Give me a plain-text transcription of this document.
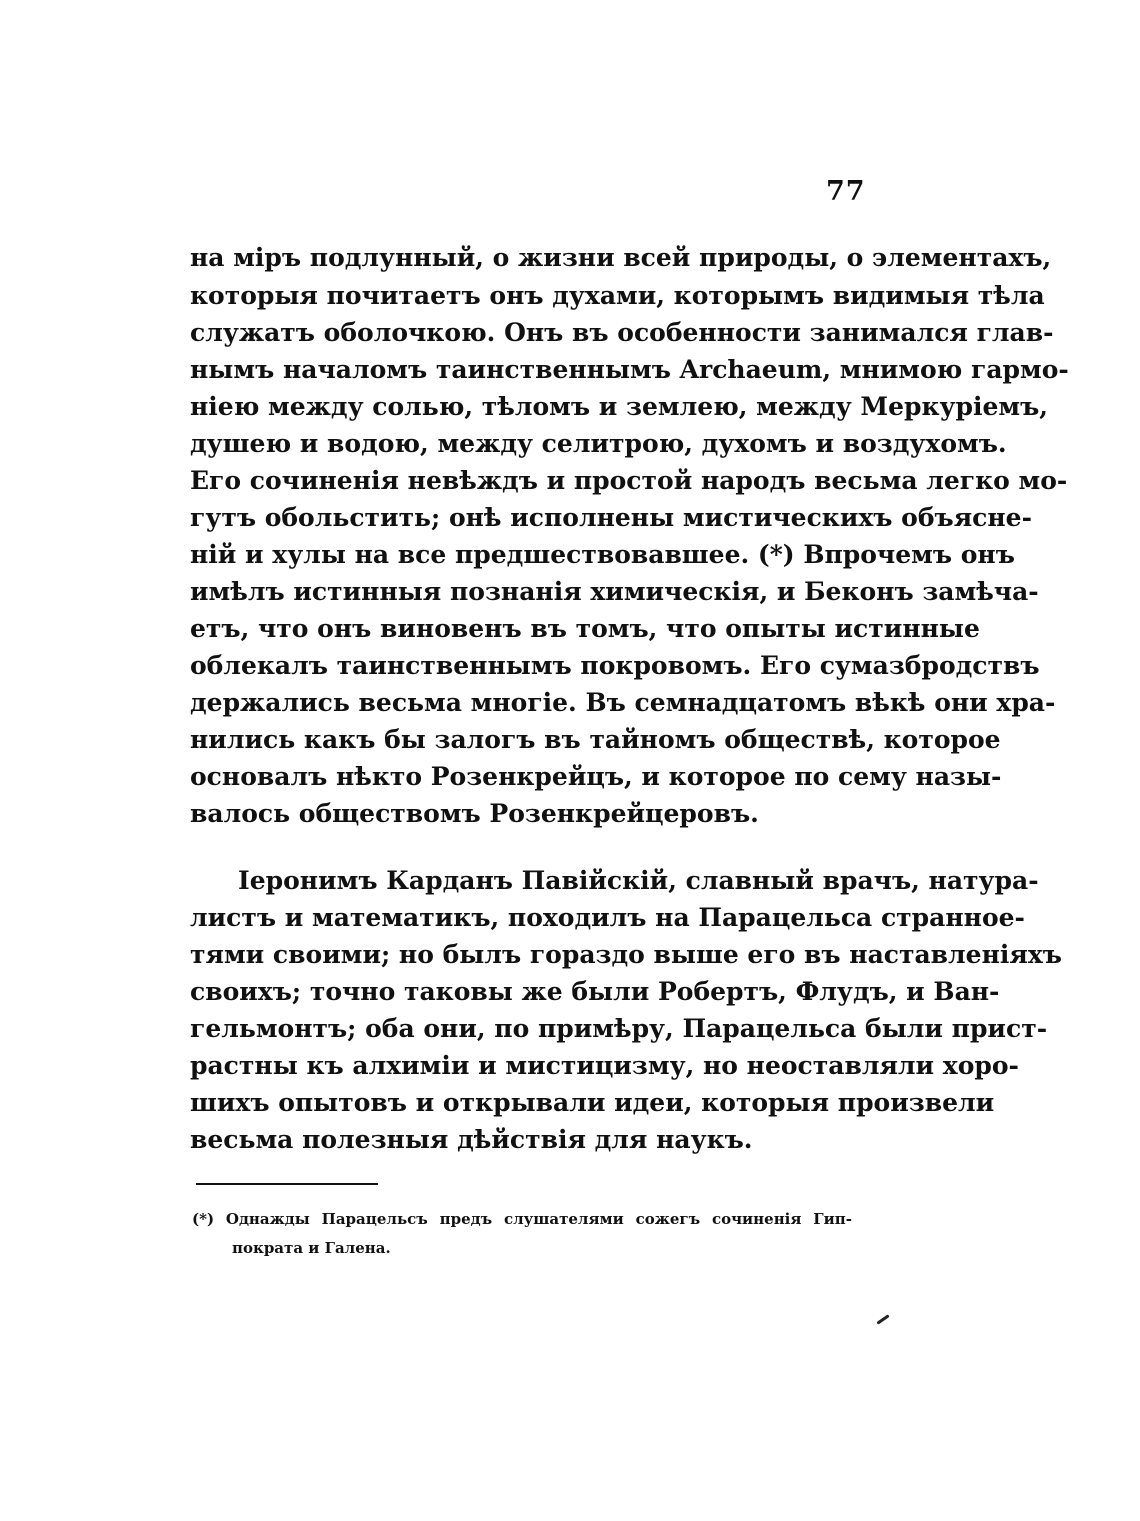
77
на міръ подлунный, о жизни всей природы, о элементахъ,
которыя почитаетъ онъ духами, которымъ видимыя тѣла
служатъ оболочкою. Онъ въ особенности занимался глав-
нымъ началомъ таинственнымъ Archaeum, мнимою гармо-
ніею между солью, тѣломъ и землею, между Меркуріемъ,
душею и водою, между селитрою, духомъ и воздухомъ.
Его сочиненія невѣждъ и простой народъ весьма легко мо-
гутъ обольстить; онѣ исполнены мистическихъ объясне-
ній и хулы на все предшествовавшее. (*) Впрочемъ онъ
имѣлъ истинныя познанія химическія, и Беконъ замѣча-
етъ, что онъ виновенъ въ томъ, что опыты истинные
облекалъ таинственнымъ покровомъ. Его сумазбродствъ
держались весьма многіе. Въ семнадцатомъ вѣкѣ они хра-
нились какъ бы залогъ въ тайномъ обществѣ, которое
основалъ нѣкто Розенкрейцъ, и которое по сему назы-
валось обществомъ Розенкрейцеровъ.
Іеронимъ Карданъ Павійскій, славный врачъ, натура-
листъ и математикъ, походилъ на Парацельса странное-
тями своими; но былъ гораздо выше его въ наставленіяхъ
своихъ; точно таковы же были Робертъ, Флудъ, и Ван-
гельмонтъ; оба они, по примѣру, Парацельса были прист-
растны къ алхиміи и мистицизму, но неоставляли хоро-
шихъ опытовъ и открывали идеи, которыя произвели
весьма полезныя дѣйствія для наукъ.
(*) Однажды Парацельсъ предъ слушателями сожегъ сочиненія Гип-
пократа и Галена.
